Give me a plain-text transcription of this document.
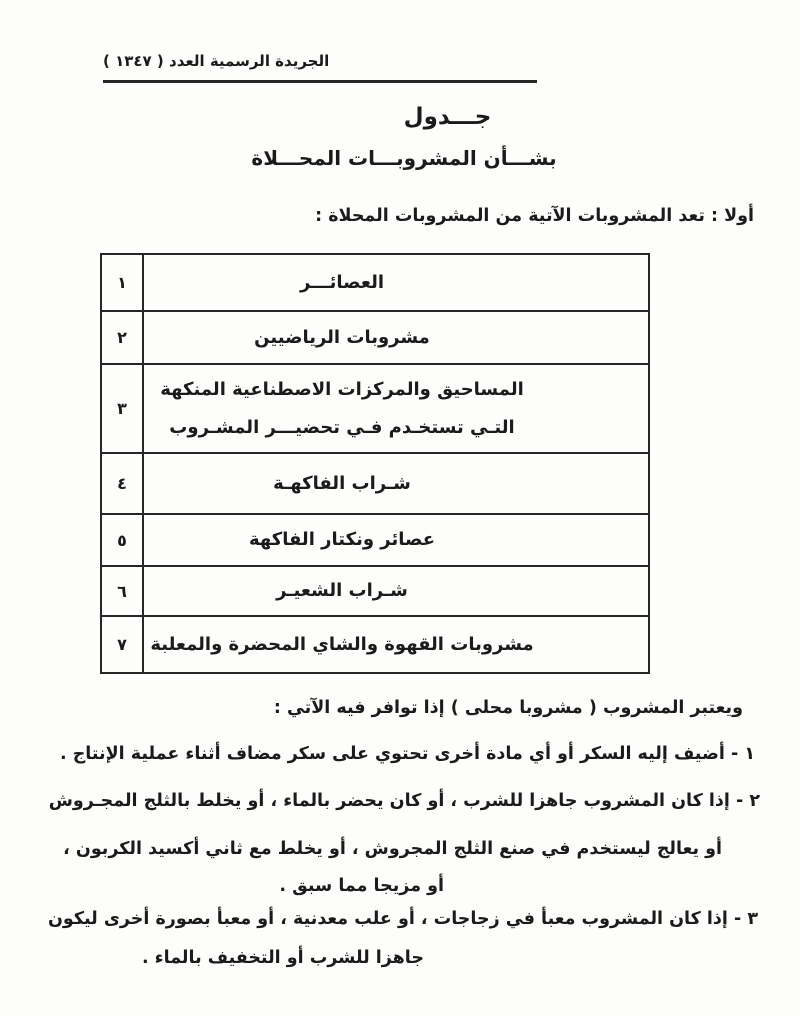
الجريدة الرسمية العدد ( ١٣٤٧ )
جـــدول
بشـــأن المشروبـــات المحـــلاة
أولا : تعد المشروبات الآتية من المشروبات المحلاة :
العصائـــر	١

مشروبات الرياضيين	٢

المساحيق والمركزات الاصطناعية المنكهة
التـي تستخـدم فـي تحضيـــر المشـروب	٣

شـراب الفاكهـة	٤

عصائر ونكتار الفاكهة	٥

شـراب الشعيـر	٦

مشروبات القهوة والشاي المحضرة والمعلبة	٧
ويعتبر المشروب ( مشروبا محلى ) إذا توافر فيه الآتي :
١ - أضيف إليه السكر أو أي مادة أخرى تحتوي على سكر مضاف أثناء عملية الإنتاج .
٢ - إذا كان المشروب جاهزا للشرب ، أو كان يحضر بالماء ، أو يخلط بالثلج المجـروش
أو يعالج ليستخدم في صنع الثلج المجروش ، أو يخلط مع ثاني أكسيد الكربون ،
أو مزيجا مما سبق .
٣ - إذا كان المشروب معبأ في زجاجات ، أو علب معدنية ، أو معبأ بصورة أخرى ليكون
جاهزا للشرب أو التخفيف بالماء .
